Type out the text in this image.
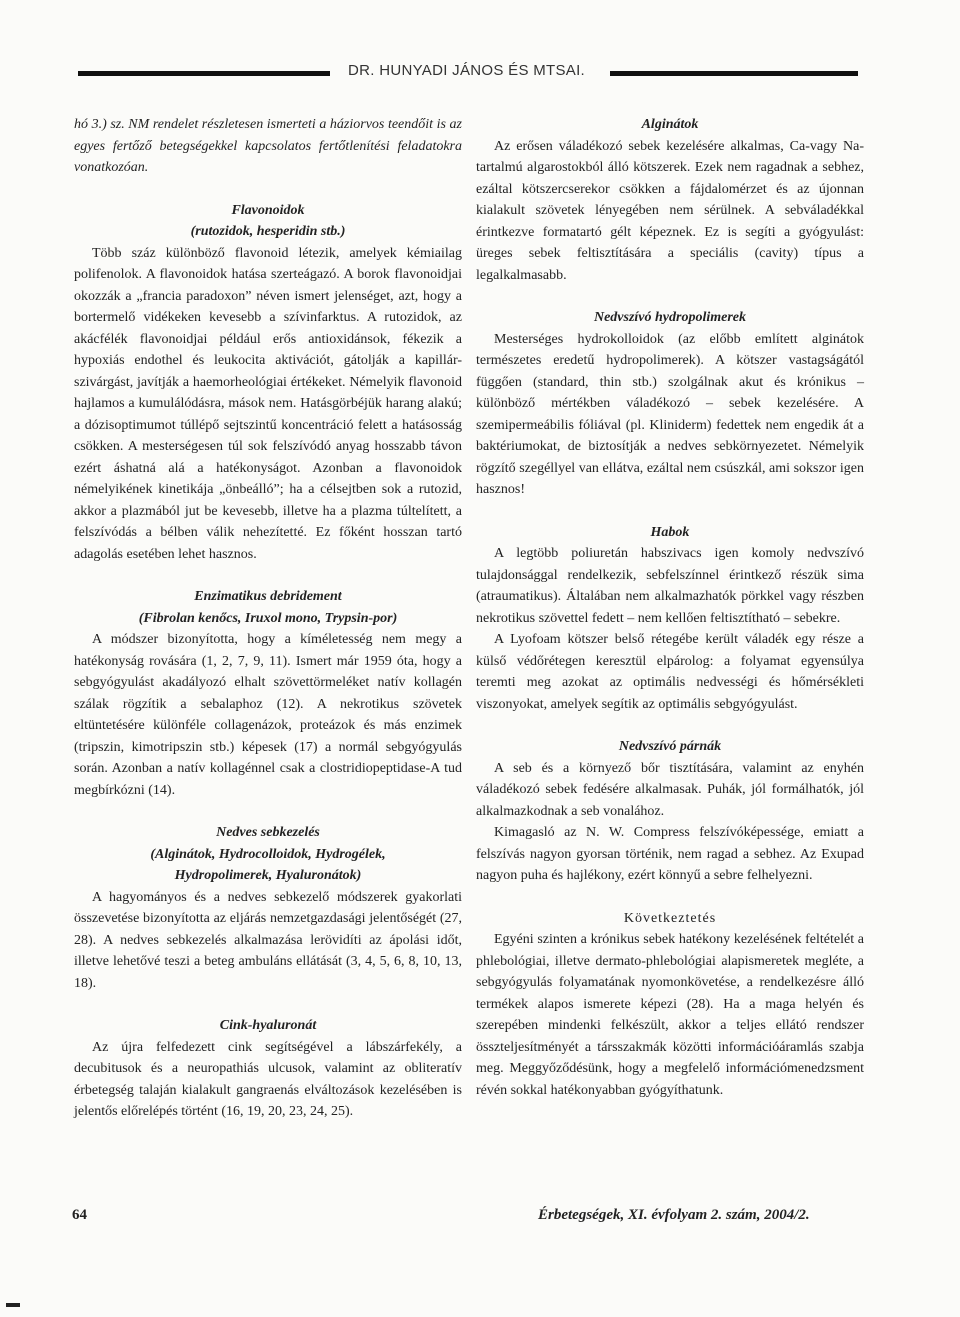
DR. HUNYADI JÁNOS ÉS MTSAI.

hó 3.) sz. NM rendelet részletesen ismerteti a háziorvos teendőit is az egyes fertőző betegségekkel kapcsolatos fertőtlenítési feladatokra vonatkozóan.

Flavonoidok
(rutozidok, hesperidin stb.)

Több száz különböző flavonoid létezik, amelyek kémiailag polifenolok. A flavonoidok hatása szerteágazó. A borok flavonoidjai okozzák a „francia paradoxon” néven ismert jelenséget, azt, hogy a bortermelő vidékeken kevesebb a szívinfarktus. A rutozidok, az akácfélék flavonoidjai például erős antioxidánsok, fékezik a hypoxiás endothel és leukocita aktivációt, gátolják a kapillár-szivárgást, javítják a haemorheológiai értékeket. Némelyik flavonoid hajlamos a kumulálódásra, mások nem. Hatásgörbéjük harang alakú; a dózisoptimumot túllépő sejtszintű koncentráció felett a hatásosság csökken. A mesterségesen túl sok felszívódó anyag hosszabb távon ezért áshatná alá a hatékonyságot. Azonban a flavonoidok némelyikének kinetikája „önbeálló”; ha a célsejtben sok a rutozid, akkor a plazmából jut be kevesebb, illetve ha a plazma túltelített, a felszívódás a bélben válik nehezítetté. Ez főként hosszan tartó adagolás esetében lehet hasznos.

Enzimatikus debridement
(Fibrolan kenőcs, Iruxol mono, Trypsin-por)

A módszer bizonyította, hogy a kíméletesség nem megy a hatékonyság rovására (1, 2, 7, 9, 11). Ismert már 1959 óta, hogy a sebgyógyulást akadályozó elhalt szövettörmeléket natív kollagén szálak rögzítik a sebalaphoz (12). A nekrotikus szövetek eltüntetésére különféle collagenázok, proteázok és más enzimek (tripszin, kimotripszin stb.) képesek (17) a normál sebgyógyulás során. Azonban a natív kollagénnel csak a clostridiopeptidase-A tud megbírkózni (14).

Nedves sebkezelés
(Alginátok, Hydrocolloidok, Hydrogélek,
Hydropolimerek, Hyaluronátok)

A hagyományos és a nedves sebkezelő módszerek gyakorlati összevetése bizonyította az eljárás nemzetgazdasági jelentőségét (27, 28). A nedves sebkezelés alkalmazása lerövidíti az ápolási időt, illetve lehetővé teszi a beteg ambuláns ellátását (3, 4, 5, 6, 8, 10, 13, 18).

Cink-hyaluronát

Az újra felfedezett cink segítségével a lábszárfekély, a decubitusok és a neuropathiás ulcusok, valamint az obliteratív érbetegség talaján kialakult gangraenás elváltozások kezelésében is jelentős előrelépés történt (16, 19, 20, 23, 24, 25).

Alginátok

Az erősen váladékozó sebek kezelésére alkalmas, Ca-vagy Na-tartalmú algarostokból álló kötszerek. Ezek nem ragadnak a sebhez, ezáltal kötszercserekor csökken a fájdalomérzet és az újonnan kialakult szövetek lényegében nem sérülnek. A sebváladékkal érintkezve formatartó gélt képeznek. Ez is segíti a gyógyulást: üreges sebek feltisztítására a speciális (cavity) típus a legalkalmasabb.

Nedvszívó hydropolimerek

Mesterséges hydrokolloidok (az előbb említett alginátok természetes eredetű hydropolimerek). A kötszer vastagságától függően (standard, thin stb.) szolgálnak akut és krónikus – különböző mértékben váladékozó – sebek kezelésére. A szemipermeábilis fóliával (pl. Kliniderm) fedettek nem engedik át a baktériumokat, de biztosítják a nedves sebkörnyezetet. Némelyik rögzítő szegéllyel van ellátva, ezáltal nem csúszkál, ami sokszor igen hasznos!

Habok

A legtöbb poliuretán habszivacs igen komoly nedvszívó tulajdonsággal rendelkezik, sebfelszínnel érintkező részük sima (atraumatikus). Általában nem alkalmazhatók pörkkel vagy részben nekrotikus szövettel fedett – nem kellően feltisztítható – sebekre.

A Lyofoam kötszer belső rétegébe került váladék egy része a külső védőrétegen keresztül elpárolog: a folyamat egyensúlya teremti meg azokat az optimális nedvességi és hőmérsékleti viszonyokat, amelyek segítik az optimális sebgyógyulást.

Nedvszívó párnák

A seb és a környező bőr tisztítására, valamint az enyhén váladékozó sebek fedésére alkalmasak. Puhák, jól formálhatók, jól alkalmazkodnak a seb vonalához.

Kimagasló az N. W. Compress felszívóképessége, emiatt a felszívás nagyon gyorsan történik, nem ragad a sebhez. Az Exupad nagyon puha és hajlékony, ezért könnyű a sebre felhelyezni.

Következtetés

Egyéni szinten a krónikus sebek hatékony kezelésének feltételét a phlebológiai, illetve dermato-phlebológiai alapismeretek megléte, a sebgyógyulás folyamatának nyomonkövetése, a rendelkezésre álló termékek alapos ismerete képezi (28). Ha a maga helyén és szerepében mindenki felkészült, akkor a teljes ellátó rendszer összteljesítményét a társszakmák közötti információáramlás szabja meg. Meggyőződésünk, hogy a megfelelő információmenedzsment révén sokkal hatékonyabban gyógyíthatunk.

64	Érbetegségek, XI. évfolyam 2. szám, 2004/2.
